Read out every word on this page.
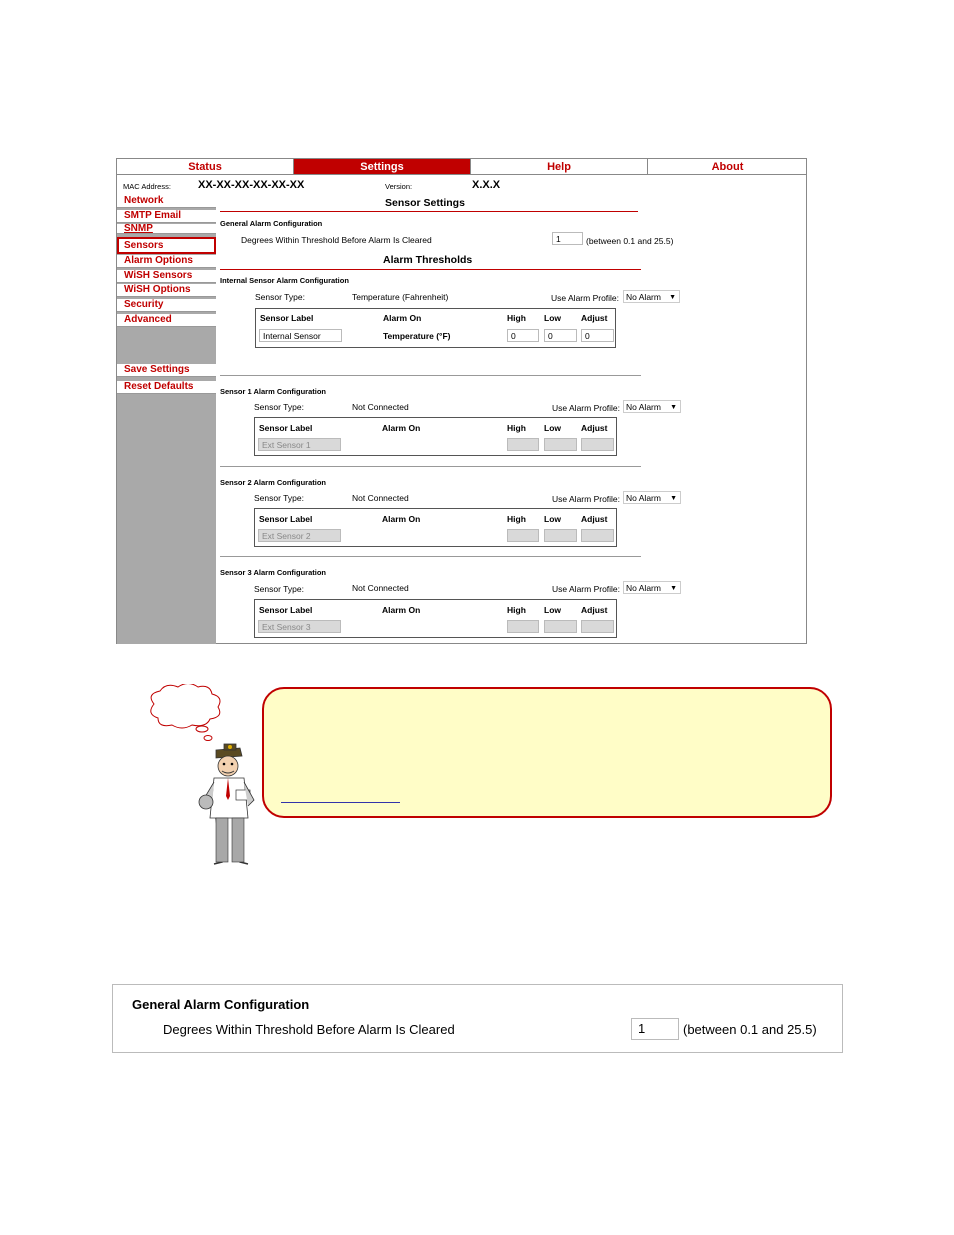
Status	Settings	Help	About
MAC Address: XX-XX-XX-XX-XX-XX	Version:	X.X.X
Network
SMTP Email
SNMP
Sensors
Alarm Options
WiSH Sensors
WiSH Options
Security
Advanced
Save Settings
Reset Defaults
Sensor Settings
General Alarm Configuration
Degrees Within Threshold Before Alarm Is Cleared	1	(between 0.1 and 25.5)
Alarm Thresholds
Internal Sensor Alarm Configuration
Sensor Type:	Temperature (Fahrenheit)	Use Alarm Profile: No Alarm ▼
Sensor Label	Alarm On	High Low Adjust
Internal Sensor	Temperature (°F)	0	0	0
Sensor 1 Alarm Configuration
Sensor Type:	Not Connected	Use Alarm Profile: No Alarm ▼
Sensor Label	Alarm On	High Low Adjust
Ext Sensor 1
Sensor 2 Alarm Configuration
Sensor Type:	Not Connected	Use Alarm Profile: No Alarm ▼
Sensor Label	Alarm On	High Low Adjust
Ext Sensor 2
Sensor 3 Alarm Configuration
Sensor Type:	Not Connected	Use Alarm Profile: No Alarm ▼
Sensor Label	Alarm On	High Low Adjust
Ext Sensor 3
General Alarm Configuration
Degrees Within Threshold Before Alarm Is Cleared	1	(between 0.1 and 25.5)
